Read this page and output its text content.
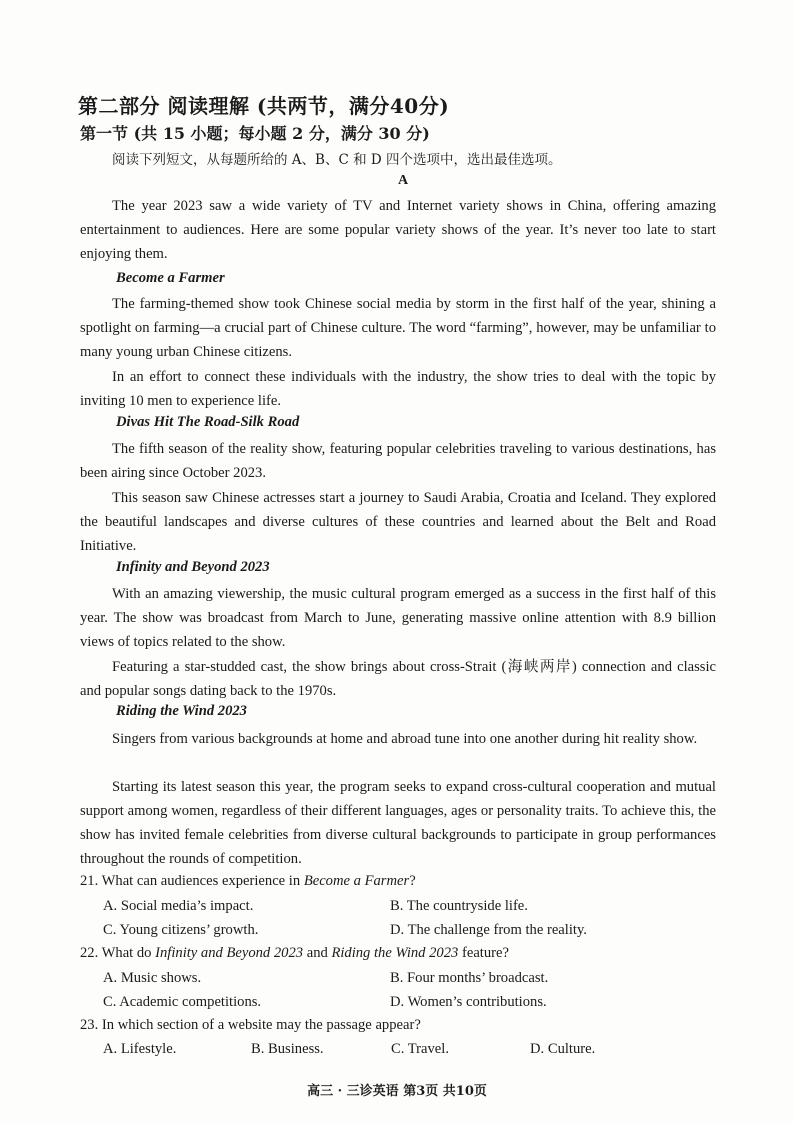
第二部分 阅读理解 (共两节，满分40分)
第一节 (共 15 小题；每小题 2 分，满分 30 分)
阅读下列短文，从每题所给的 A、B、C 和 D 四个选项中，选出最佳选项。
A
The year 2023 saw a wide variety of TV and Internet variety shows in China, offering amazing entertainment to audiences. Here are some popular variety shows of the year. It’s never too late to start enjoying them.
Become a Farmer
The farming-themed show took Chinese social media by storm in the first half of the year, shining a spotlight on farming—a crucial part of Chinese culture. The word “farming”, however, may be unfamiliar to many young urban Chinese citizens.
In an effort to connect these individuals with the industry, the show tries to deal with the topic by inviting 10 men to experience life.
Divas Hit The Road-Silk Road
The fifth season of the reality show, featuring popular celebrities traveling to various destinations, has been airing since October 2023.
This season saw Chinese actresses start a journey to Saudi Arabia, Croatia and Iceland. They explored the beautiful landscapes and diverse cultures of these countries and learned about the Belt and Road Initiative.
Infinity and Beyond 2023
With an amazing viewership, the music cultural program emerged as a success in the first half of this year. The show was broadcast from March to June, generating massive online attention with 8.9 billion views of topics related to the show.
Featuring a star-studded cast, the show brings about cross-Strait (海峡两岸) connection and classic and popular songs dating back to the 1970s.
Riding the Wind 2023
Singers from various backgrounds at home and abroad tune into one another during hit reality show.
Starting its latest season this year, the program seeks to expand cross-cultural cooperation and mutual support among women, regardless of their different languages, ages or personality traits. To achieve this, the show has invited female celebrities from diverse cultural backgrounds to participate in group performances throughout the rounds of competition.
21. What can audiences experience in Become a Farmer?
A. Social media’s impact.	B. The countryside life.
C. Young citizens’ growth.	D. The challenge from the reality.
22. What do Infinity and Beyond 2023 and Riding the Wind 2023 feature?
A. Music shows.	B. Four months’ broadcast.
C. Academic competitions.	D. Women’s contributions.
23. In which section of a website may the passage appear?
A. Lifestyle.	B. Business.	C. Travel.	D. Culture.
高三 · 三诊英语 第3页 共10页
